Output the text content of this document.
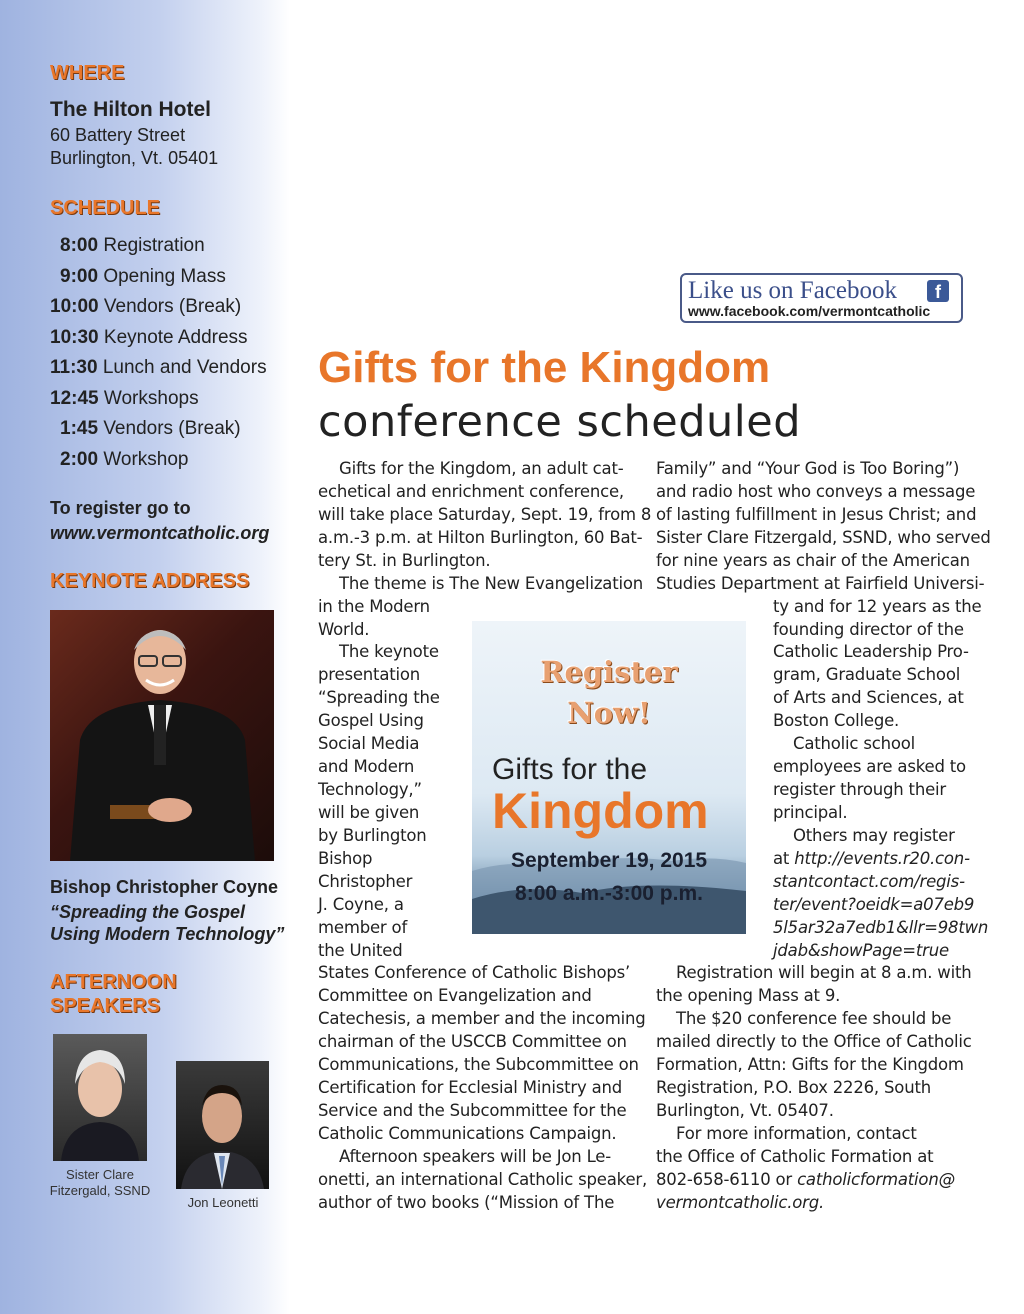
WHERE
The Hilton Hotel
60 Battery Street
Burlington, Vt. 05401
SCHEDULE
8:00 Registration
9:00 Opening Mass
10:00 Vendors (Break)
10:30 Keynote Address
11:30 Lunch and Vendors
12:45 Workshops
1:45 Vendors (Break)
2:00 Workshop
To register go to
www.vermontcatholic.org
KEYNOTE ADDRESS
Bishop Christopher Coyne
“Spreading the Gospel
Using Modern Technology”
AFTERNOON
SPEAKERS
Sister Clare
Fitzergald, SSND
Jon Leonetti
Like us on Facebook	f
www.facebook.com/vermontcatholic
Gifts for the Kingdom
conference scheduled
Gifts for the Kingdom, an adult cat-
echetical and enrichment conference,
will take place Saturday, Sept. 19, from 8
a.m.-3 p.m. at Hilton Burlington, 60 Bat-
tery St. in Burlington.
The theme is The New Evangelization
in the Modern
World.
The keynote
presentation
“Spreading the
Gospel Using
Social Media
and Modern
Technology,”
will be given
by Burlington
Bishop
Christopher
J. Coyne, a
member of
the United
States Conference of Catholic Bishops’
Committee on Evangelization and
Catechesis, a member and the incoming
chairman of the USCCB Committee on
Communications, the Subcommittee on
Certification for Ecclesial Ministry and
Service and the Subcommittee for the
Catholic Communications Campaign.
Afternoon speakers will be Jon Le-
onetti, an international Catholic speaker,
author of two books (“Mission of The
Family” and “Your God is Too Boring”)
and radio host who conveys a message
of lasting fulfillment in Jesus Christ; and
Sister Clare Fitzergald, SSND, who served
for nine years as chair of the American
Studies Department at Fairfield Universi-
ty and for 12 years as the
founding director of the
Catholic Leadership Pro-
gram, Graduate School
of Arts and Sciences, at
Boston College.
Catholic school
employees are asked to
register through their
principal.
Others may register
at http://events.r20.con-
stantcontact.com/regis-
ter/event?oeidk=a07eb9
5l5ar32a7edb1&llr=98twn
jdab&showPage=true
Registration will begin at 8 a.m. with
the opening Mass at 9.
The $20 conference fee should be
mailed directly to the Office of Catholic
Formation, Attn: Gifts for the Kingdom
Registration, P.O. Box 2226, South
Burlington, Vt. 05407.
For more information, contact
the Office of Catholic Formation at
802-658-6110 or catholicformation@
vermontcatholic.org.
Register
Now!
Gifts for the
Kingdom
September 19, 2015
8:00 a.m.-3:00 p.m.
